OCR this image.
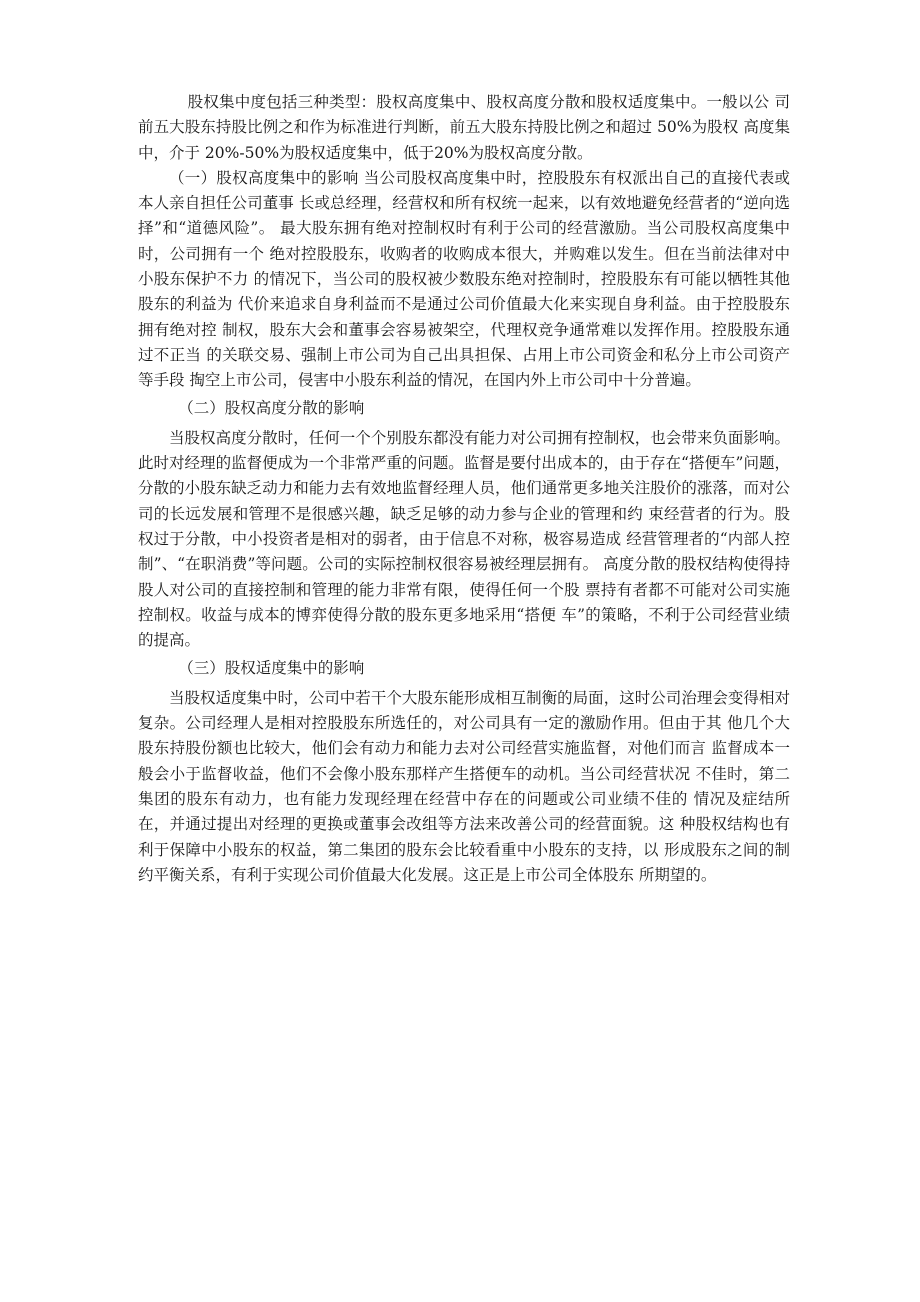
股权集中度包括三种类型：股权高度集中、股权高度分散和股权适度集中。一般以公 司前五大股东持股比例之和作为标准进行判断，前五大股东持股比例之和超过 50%为股权 高度集中，介于 20%-50%为股权适度集中，低于20%为股权高度分散。

（一）股权高度集中的影响 当公司股权高度集中时，控股股东有权派出自己的直接代表或本人亲自担任公司董事 长或总经理，经营权和所有权统一起来，以有效地避免经营者的“逆向选择”和“道德风险”。 最大股东拥有绝对控制权时有利于公司的经营激励。当公司股权高度集中时，公司拥有一个 绝对控股股东，收购者的收购成本很大，并购难以发生。但在当前法律对中小股东保护不力 的情况下，当公司的股权被少数股东绝对控制时，控股股东有可能以牺牲其他股东的利益为 代价来追求自身利益而不是通过公司价值最大化来实现自身利益。由于控股股东拥有绝对控 制权，股东大会和董事会容易被架空，代理权竞争通常难以发挥作用。控股股东通过不正当 的关联交易、强制上市公司为自己出具担保、占用上市公司资金和私分上市公司资产等手段 掏空上市公司，侵害中小股东利益的情况，在国内外上市公司中十分普遍。

（二）股权高度分散的影响

当股权高度分散时，任何一个个别股东都没有能力对公司拥有控制权，也会带来负面影响。此时对经理的监督便成为一个非常严重的问题。监督是要付出成本的，由于存在“搭便车”问题，分散的小股东缺乏动力和能力去有效地监督经理人员，他们通常更多地关注股价的涨落，而对公司的长远发展和管理不是很感兴趣，缺乏足够的动力参与企业的管理和约 束经营者的行为。股权过于分散，中小投资者是相对的弱者，由于信息不对称，极容易造成 经营管理者的“内部人控制”、“在职消费”等问题。公司的实际控制权很容易被经理层拥有。 高度分散的股权结构使得持股人对公司的直接控制和管理的能力非常有限，使得任何一个股 票持有者都不可能对公司实施控制权。收益与成本的博弈使得分散的股东更多地采用“搭便 车”的策略，不利于公司经营业绩的提高。

（三）股权适度集中的影响

当股权适度集中时，公司中若干个大股东能形成相互制衡的局面，这时公司治理会变得相对复杂。公司经理人是相对控股股东所选任的，对公司具有一定的激励作用。但由于其 他几个大股东持股份额也比较大，他们会有动力和能力去对公司经营实施监督，对他们而言 监督成本一般会小于监督收益，他们不会像小股东那样产生搭便车的动机。当公司经营状况 不佳时，第二集团的股东有动力，也有能力发现经理在经营中存在的问题或公司业绩不佳的 情况及症结所在，并通过提出对经理的更换或董事会改组等方法来改善公司的经营面貌。这 种股权结构也有利于保障中小股东的权益，第二集团的股东会比较看重中小股东的支持，以 形成股东之间的制约平衡关系，有利于实现公司价值最大化发展。这正是上市公司全体股东 所期望的。
